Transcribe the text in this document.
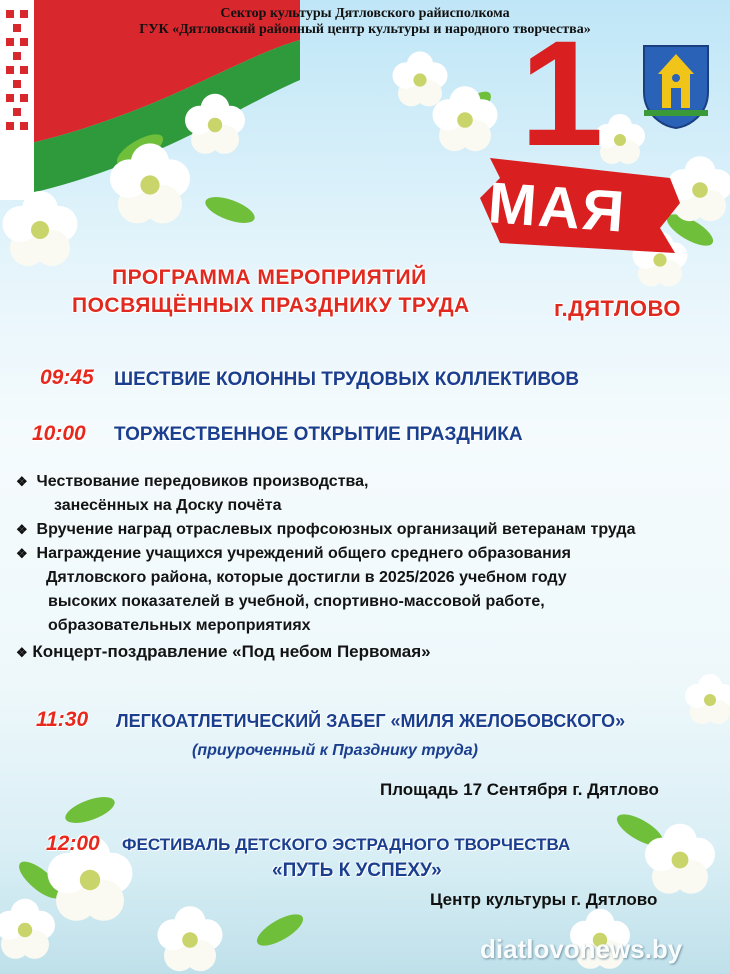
Сектор культуры Дятловского райисполкома
ГУК «Дятловский районный центр культуры и народного творчества»
1
МАЯ
ПРОГРАММА МЕРОПРИЯТИЙ
ПОСВЯЩЁННЫХ ПРАЗДНИКУ ТРУДА	г.ДЯТЛОВО
09:45 ШЕСТВИЕ КОЛОННЫ ТРУДОВЫХ КОЛЛЕКТИВОВ
10:00 ТОРЖЕСТВЕННОЕ ОТКРЫТИЕ ПРАЗДНИКА
❖ Чествование передовиков производства,
занесённых на Доску почёта
❖ Вручение наград отраслевых профсоюзных организаций ветеранам труда
❖ Награждение учащихся учреждений общего среднего образования
Дятловского района, которые достигли в 2025/2026 учебном году
высоких показателей в учебной, спортивно-массовой работе,
образовательных мероприятиях
❖ Концерт-поздравление «Под небом Первомая»
11:30 ЛЕГКОАТЛЕТИЧЕСКИЙ ЗАБЕГ «МИЛЯ ЖЕЛОБОВСКОГО»
(приуроченный к Празднику труда)
Площадь 17 Сентября г. Дятлово
12:00 ФЕСТИВАЛЬ ДЕТСКОГО ЭСТРАДНОГО ТВОРЧЕСТВА
«ПУТЬ К УСПЕХУ»
Центр культуры г. Дятлово
diatlovonews.by
